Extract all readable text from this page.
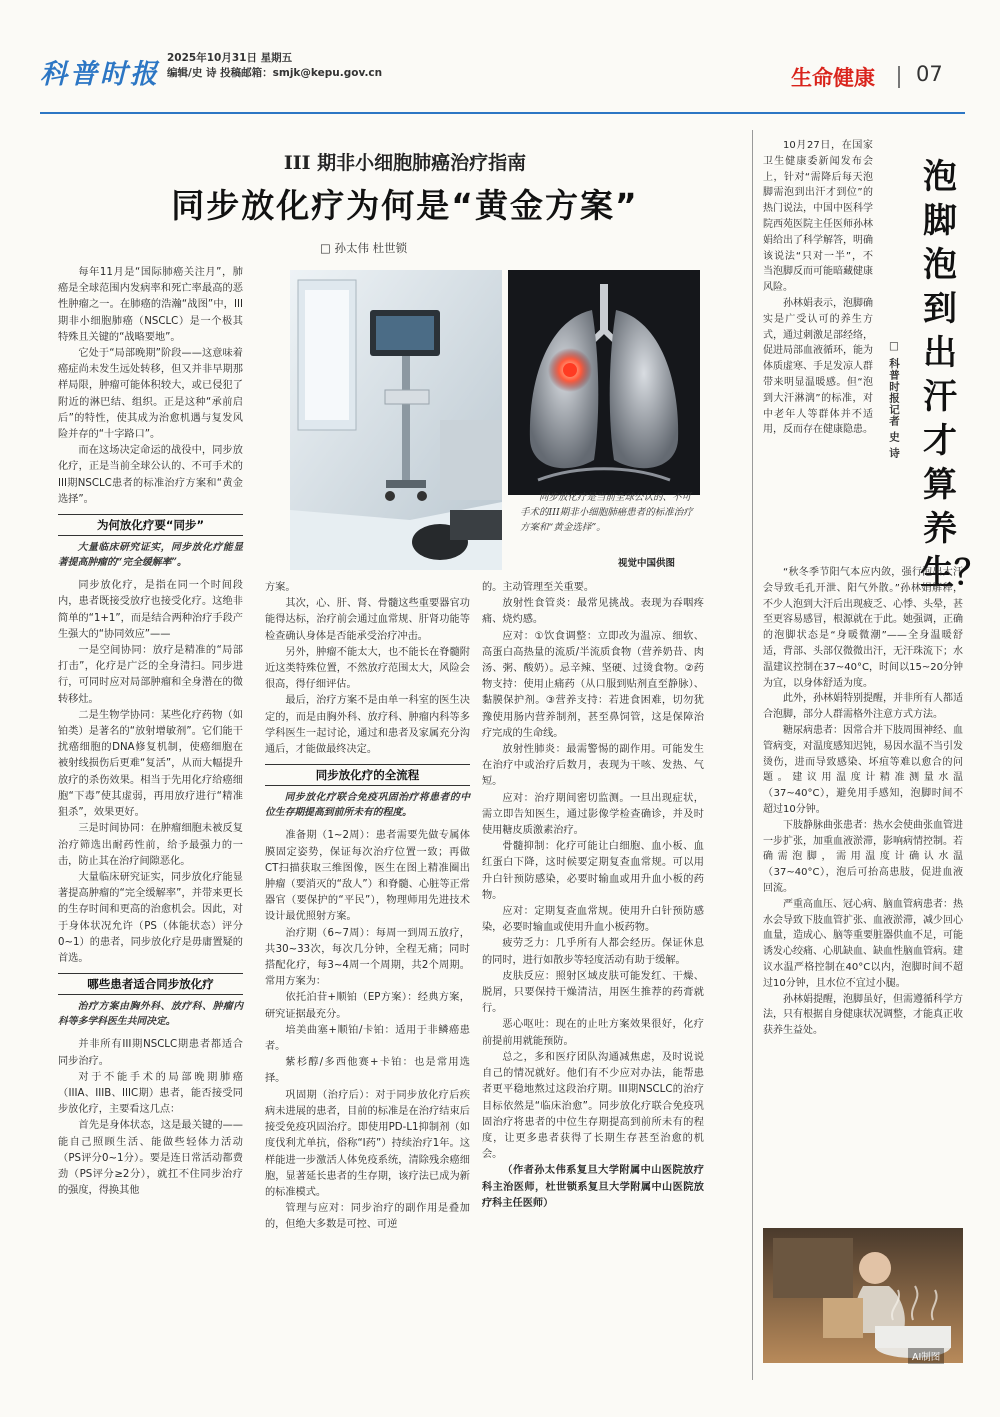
科普时报
2025年10月31日 星期五
编辑/史 诗 投稿邮箱：smjk@kepu.gov.cn	生命健康 07
III 期非小细胞肺癌治疗指南
同步放化疗为何是“黄金方案”
□ 孙太伟 杜世锁
同步放化疗是当前全球公认的、不可手术的III期非小细胞肺癌患者的标准治疗方案和“黄金选择”。
视觉中国供图

每年11月是“国际肺癌关注月”，肺癌是全球范围内发病率和死亡率最高的恶性肿瘤之一。在肺癌的浩瀚“战图”中，III期非小细胞肺癌（NSCLC）是一个极其特殊且关键的“战略要地”。

它处于“局部晚期”阶段——这意味着癌症尚未发生远处转移，但又并非早期那样局限，肿瘤可能体积较大，或已侵犯了附近的淋巴结、组织。正是这种“承前启后”的特性，使其成为治愈机遇与复发风险并存的“十字路口”。

而在这场决定命运的战役中，同步放化疗，正是当前全球公认的、不可手术的III期NSCLC患者的标准治疗方案和“黄金选择”。

为何放化疗要“同步”
大量临床研究证实，同步放化疗能显著提高肿瘤的“完全缓解率”。

同步放化疗，是指在同一个时间段内，患者既接受放疗也接受化疗。这绝非简单的“1+1”，而是结合两种治疗手段产生强大的“协同效应”——

一是空间协同：放疗是精准的“局部打击”，化疗是广泛的全身清扫。同步进行，可同时应对局部肿瘤和全身潜在的微转移灶。

二是生物学协同：某些化疗药物（如铂类）是著名的“放射增敏剂”。它们能干扰癌细胞的DNA修复机制，使癌细胞在被射线损伤后更难“复活”，从而大幅提升放疗的杀伤效果。相当于先用化疗给癌细胞“下毒”使其虚弱，再用放疗进行“精准狙杀”，效果更好。

三是时间协同：在肿瘤细胞未被反复治疗筛选出耐药性前，给予最强力的一击，防止其在治疗间隙恶化。

大量临床研究证实，同步放化疗能显著提高肿瘤的“完全缓解率”，并带来更长的生存时间和更高的治愈机会。因此，对于身体状况允许（PS（体能状态）评分0~1）的患者，同步放化疗是毋庸置疑的首选。

哪些患者适合同步放化疗
治疗方案由胸外科、放疗科、肿瘤内科等多学科医生共同决定。

并非所有III期NSCLC期患者都适合同步治疗。

对于不能手术的局部晚期肺癌（IIIA、IIIB、IIIC期）患者，能否接受同步放化疗，主要看这几点：

首先是身体状态，这是最关键的——能自己照顾生活、能做些轻体力活动（PS评分0~1分）。要是连日常活动都费劲（PS评分≥2分），就扛不住同步治疗的强度，得换其他

方案。

其次，心、肝、肾、骨髓这些重要器官功能得达标，治疗前会通过血常规、肝肾功能等检查确认身体是否能承受治疗冲击。

另外，肿瘤不能太大，也不能长在脊髓附近这类特殊位置，不然放疗范围太大，风险会很高，得仔细评估。

最后，治疗方案不是由单一科室的医生决定的，而是由胸外科、放疗科、肿瘤内科等多学科医生一起讨论，通过和患者及家属充分沟通后，才能做最终决定。

同步放化疗的全流程
同步放化疗联合免疫巩固治疗将患者的中位生存期提高到前所未有的程度。

准备期（1~2周）：患者需要先做专属体膜固定姿势，保证每次治疗位置一致；再做CT扫描获取三维图像，医生在图上精准圈出肿瘤（要消灭的“敌人”）和脊髓、心脏等正常器官（要保护的“平民”），物理师用先进技术设计最优照射方案。

治疗期（6~7周）：每周一到周五放疗，共30~33次，每次几分钟，全程无痛；同时搭配化疗，每3~4周一个周期，共2个周期。常用方案为：

依托泊苷+顺铂（EP方案）：经典方案，研究证据最充分。

培美曲塞+顺铂/卡铂：适用于非鳞癌患者。

紫杉醇/多西他赛+卡铂：也是常用选择。

巩固期（治疗后）：对于同步放化疗后疾病未进展的患者，目前的标准是在治疗结束后接受免疫巩固治疗。即使用PD-L1抑制剂（如度伐利尤单抗，俗称“I药”）持续治疗1年。这样能进一步激活人体免疫系统，清除残余癌细胞，显著延长患者的生存期，该疗法已成为新的标准模式。

管理与应对：同步治疗的副作用是叠加的，但绝大多数是可控、可逆

的。主动管理至关重要。

放射性食管炎：最常见挑战。表现为吞咽疼痛、烧灼感。

应对：①饮食调整：立即改为温凉、细软、高蛋白高热量的流质/半流质食物（营养奶昔、肉汤、粥、酸奶）。忌辛辣、坚硬、过烫食物。②药物支持：使用止痛药（从口服到贴剂直至静脉）、黏膜保护剂。③营养支持：若进食困难，切勿犹豫使用肠内营养制剂，甚至鼻饲管，这是保障治疗完成的生命线。

放射性肺炎：最需警惕的副作用。可能发生在治疗中或治疗后数月，表现为干咳、发热、气短。

应对：治疗期间密切监测。一旦出现症状，需立即告知医生，通过影像学检查确诊，并及时使用糖皮质激素治疗。

骨髓抑制：化疗可能让白细胞、血小板、血红蛋白下降，这时候要定期复查血常规。可以用升白针预防感染，必要时输血或用升血小板的药物。

应对：定期复查血常规。使用升白针预防感染，必要时输血或使用升血小板药物。

疲劳乏力：几乎所有人都会经历。保证休息的同时，进行如散步等轻度活动有助于缓解。

皮肤反应：照射区域皮肤可能发红、干燥、脱屑，只要保持干燥清洁，用医生推荐的药膏就行。

恶心呕吐：现在的止吐方案效果很好，化疗前提前用就能预防。

总之，多和医疗团队沟通减焦虑，及时说说自己的情况就好。他们有不少应对办法，能帮患者更平稳地熬过这段治疗期。III期NSCLC的治疗目标依然是“临床治愈”。同步放化疗联合免疫巩固治疗将患者的中位生存期提高到前所未有的程度，让更多患者获得了长期生存甚至治愈的机会。

（作者孙太伟系复旦大学附属中山医院放疗科主治医师，杜世锁系复旦大学附属中山医院放疗科主任医师）

泡脚泡到出汗才算养生？
□ 科普时报记者 史 诗

10月27日，在国家卫生健康委新闻发布会上，针对“需降后每天泡脚需泡到出汗才到位”的热门说法，中国中医科学院西苑医院主任医师孙林娟给出了科学解答，明确该说法“只对一半”，不当泡脚反而可能暗藏健康风险。

孙林娟表示，泡脚确实是广受认可的养生方式，通过刺激足部经络，促进局部血液循环，能为体质虚寒、手足发凉人群带来明显温暖感。但“泡到大汗淋漓”的标准，对中老年人等群体并不适用，反而存在健康隐患。

“秋冬季节阳气本应内敛，强行泡出大汗会导致毛孔开泄、阳气外散。”孙林娟解释，不少人泡到大汗后出现疲乏、心悸、头晕，甚至更容易感冒，根源就在于此。她强调，正确的泡脚状态是“身暖微潮”——全身温暖舒适，背部、头部仅微微出汗，无汗珠流下；水温建议控制在37~40°C，时间以15~20分钟为宜，以身体舒适为度。

此外，孙林娟特别提醒，并非所有人都适合泡脚，部分人群需格外注意方式方法。

糖尿病患者：因常合并下肢周围神经、血管病变，对温度感知迟钝，易因水温不当引发烫伤，进而导致感染、坏疽等难以愈合的问题。建议用温度计精准测量水温（37~40°C），避免用手感知，泡脚时间不超过10分钟。

下肢静脉曲张患者：热水会使曲张血管进一步扩张，加重血液淤滞，影响病情控制。若确需泡脚，需用温度计确认水温（37~40°C），泡后可抬高患肢，促进血液回流。

严重高血压、冠心病、脑血管病患者：热水会导致下肢血管扩张、血液淤滞，减少回心血量，造成心、脑等重要脏器供血不足，可能诱发心绞痛、心肌缺血、缺血性脑血管病。建议水温严格控制在40°C以内，泡脚时间不超过10分钟，且水位不宜过小腿。

孙林娟提醒，泡脚虽好，但需遵循科学方法，只有根据自身健康状况调整，才能真正收获养生益处。

AI制图
